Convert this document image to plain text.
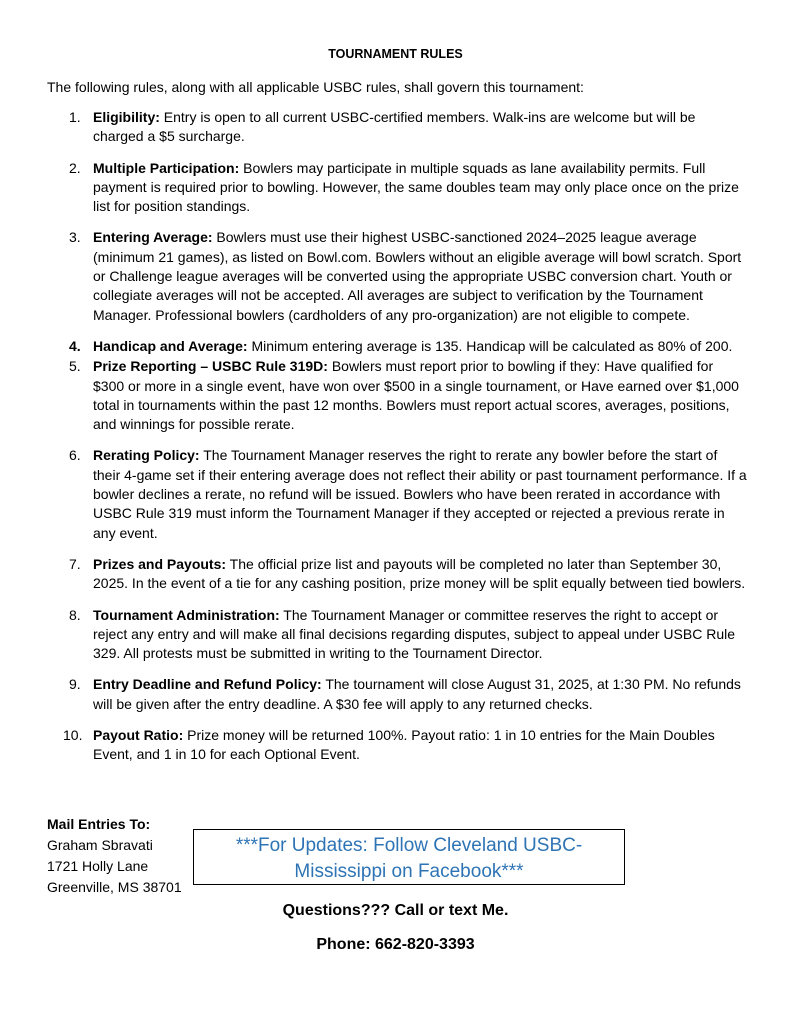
TOURNAMENT RULES
The following rules, along with all applicable USBC rules, shall govern this tournament:
1. Eligibility: Entry is open to all current USBC-certified members. Walk-ins are welcome but will be charged a $5 surcharge.
2. Multiple Participation: Bowlers may participate in multiple squads as lane availability permits. Full payment is required prior to bowling. However, the same doubles team may only place once on the prize list for position standings.
3. Entering Average: Bowlers must use their highest USBC-sanctioned 2024–2025 league average (minimum 21 games), as listed on Bowl.com. Bowlers without an eligible average will bowl scratch. Sport or Challenge league averages will be converted using the appropriate USBC conversion chart. Youth or collegiate averages will not be accepted. All averages are subject to verification by the Tournament Manager. Professional bowlers (cardholders of any pro-organization) are not eligible to compete.
4. Handicap and Average: Minimum entering average is 135. Handicap will be calculated as 80% of 200.
5. Prize Reporting – USBC Rule 319D: Bowlers must report prior to bowling if they: Have qualified for $300 or more in a single event, have won over $500 in a single tournament, or Have earned over $1,000 total in tournaments within the past 12 months. Bowlers must report actual scores, averages, positions, and winnings for possible rerate.
6. Rerating Policy: The Tournament Manager reserves the right to rerate any bowler before the start of their 4-game set if their entering average does not reflect their ability or past tournament performance. If a bowler declines a rerate, no refund will be issued. Bowlers who have been rerated in accordance with USBC Rule 319 must inform the Tournament Manager if they accepted or rejected a previous rerate in any event.
7. Prizes and Payouts: The official prize list and payouts will be completed no later than September 30, 2025. In the event of a tie for any cashing position, prize money will be split equally between tied bowlers.
8. Tournament Administration: The Tournament Manager or committee reserves the right to accept or reject any entry and will make all final decisions regarding disputes, subject to appeal under USBC Rule 329. All protests must be submitted in writing to the Tournament Director.
9. Entry Deadline and Refund Policy: The tournament will close August 31, 2025, at 1:30 PM. No refunds will be given after the entry deadline. A $30 fee will apply to any returned checks.
10. Payout Ratio: Prize money will be returned 100%. Payout ratio: 1 in 10 entries for the Main Doubles Event, and 1 in 10 for each Optional Event.
Mail Entries To:
Graham Sbravati
1721 Holly Lane
Greenville, MS 38701
***For Updates: Follow Cleveland USBC-
Mississippi on Facebook***
Questions??? Call or text Me.
Phone: 662-820-3393
